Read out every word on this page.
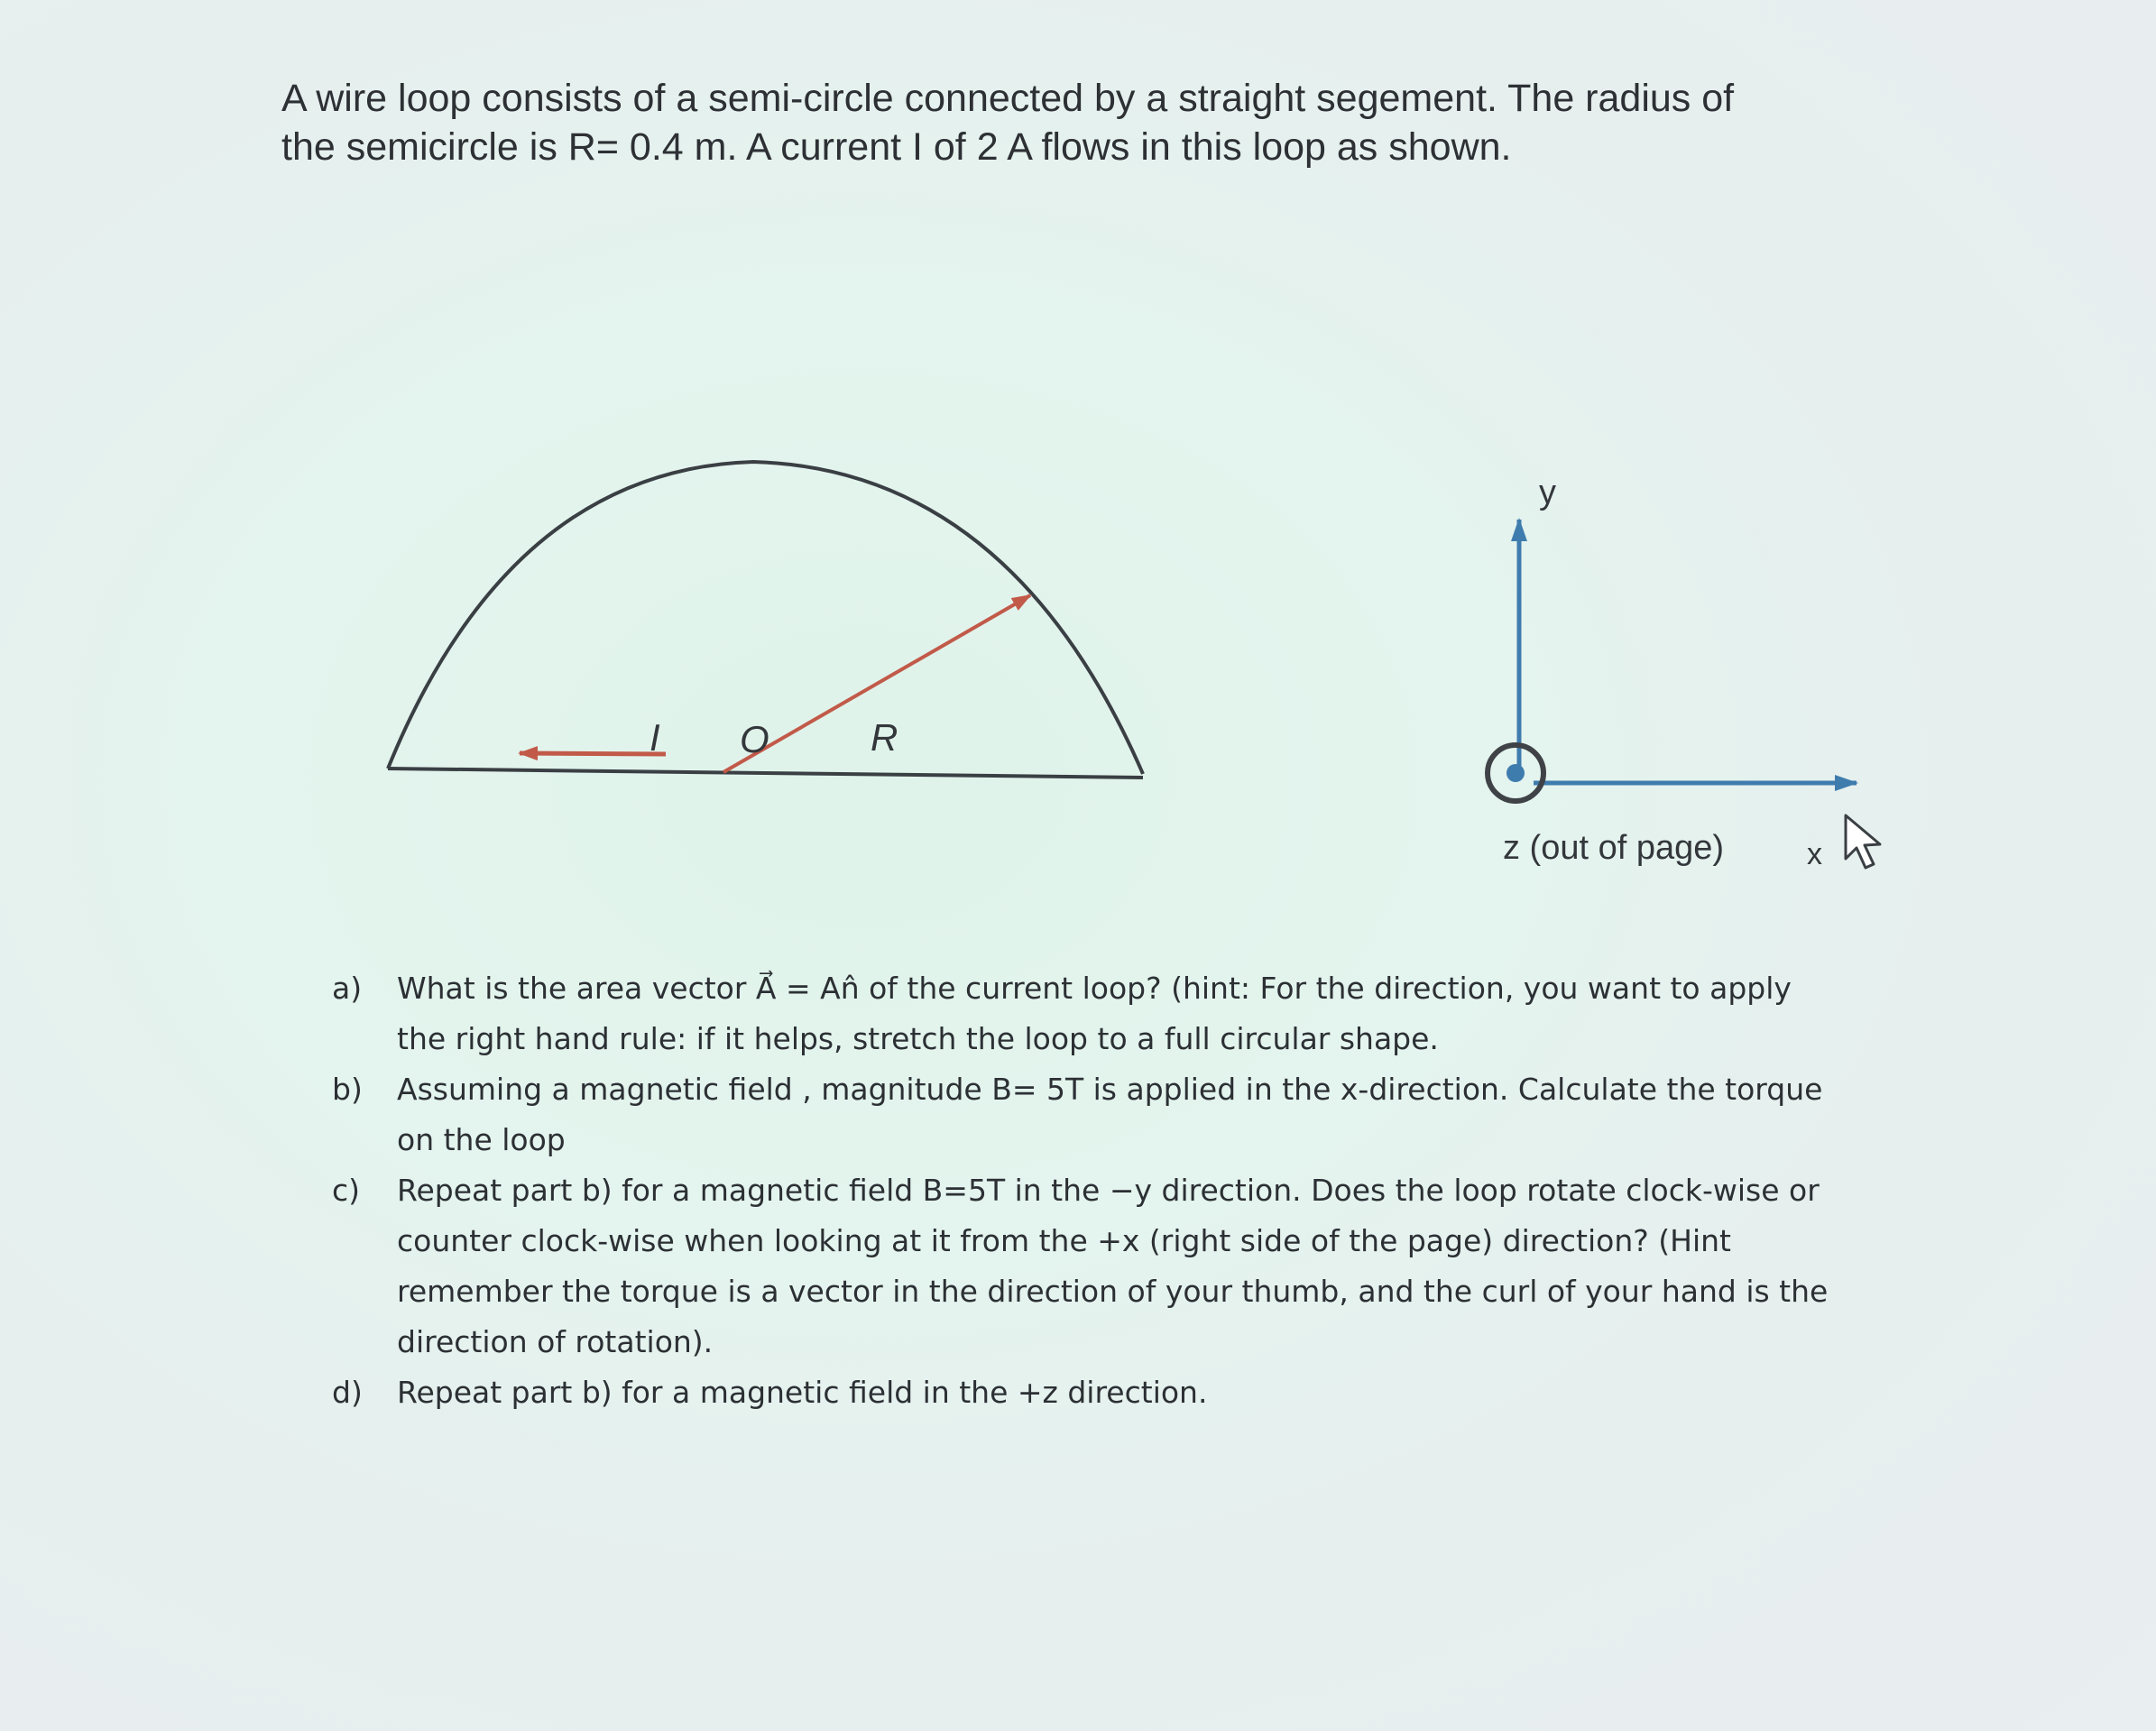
A wire loop consists of a semi-circle connected by a straight segement. The radius of
the semicircle is R= 0.4 m. A current I of 2 A flows in this loop as shown.

I O	R
y
z (out of page)	x
a) What is the area vector A⃗ = An̂ of the current loop? (hint: For the direction, you want to apply
the right hand rule: if it helps, stretch the loop to a full circular shape.
b) Assuming a magnetic field , magnitude B= 5T is applied in the x-direction. Calculate the torque
on the loop
c) Repeat part b) for a magnetic field B=5T in the −y direction. Does the loop rotate clock-wise or
counter clock-wise when looking at it from the +x (right side of the page) direction? (Hint
remember the torque is a vector in the direction of your thumb, and the curl of your hand is the
direction of rotation).
d) Repeat part b) for a magnetic field in the +z direction.
